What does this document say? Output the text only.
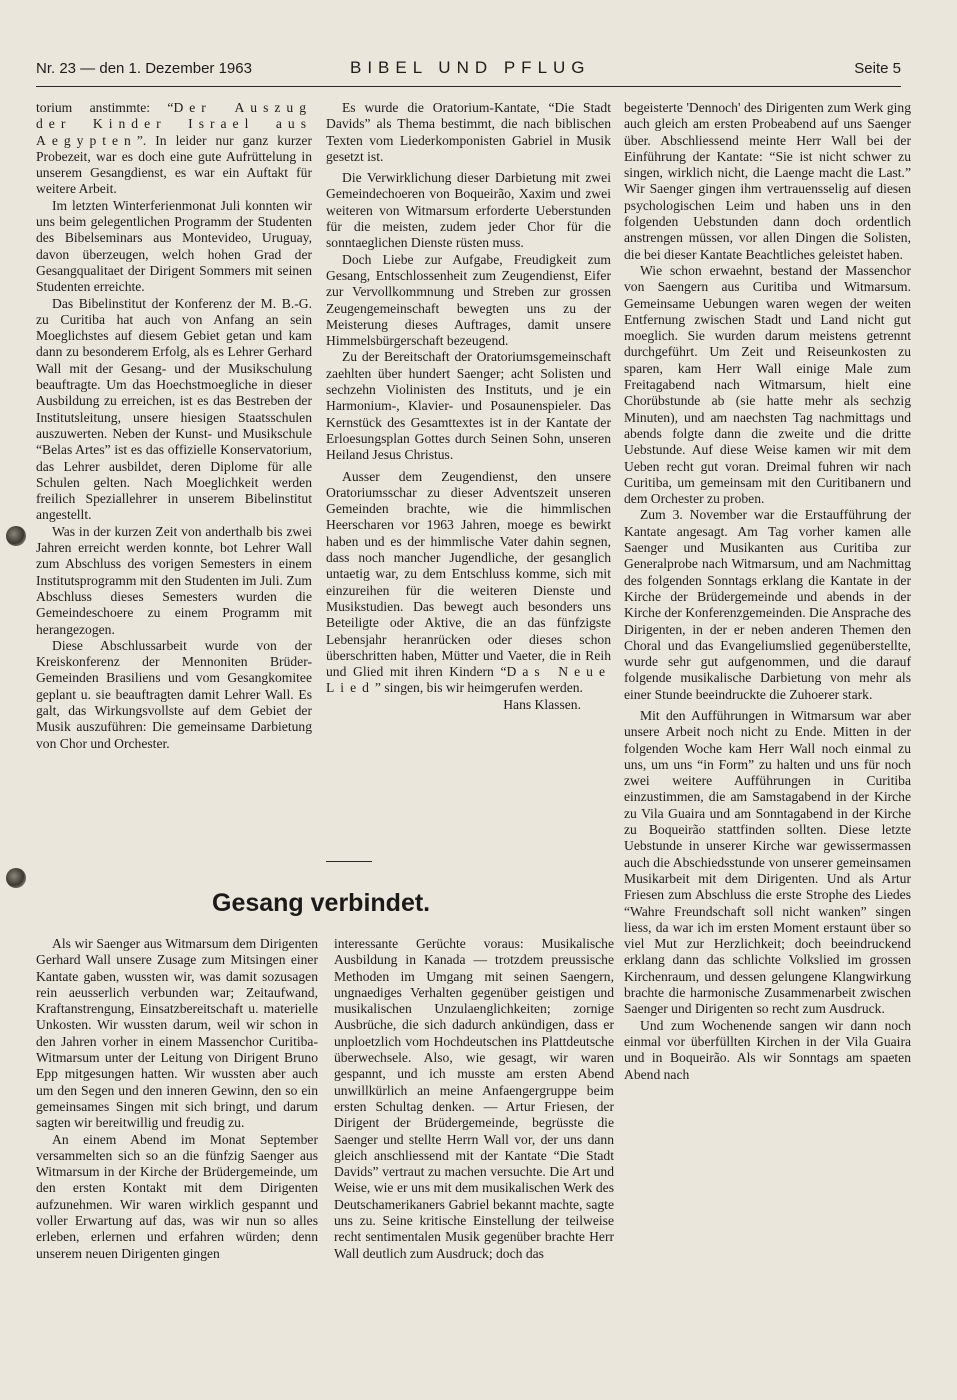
Nr. 23 — den 1. Dezember 1963	BIBEL UND PFLUG	Seite 5

torium anstimmte: “Der Auszug der Kinder Israel aus Aegypten”. In leider nur ganz kurzer Probezeit, war es doch eine gute Aufrüttelung in unserem Gesangdienst, es war ein Auftakt für weitere Arbeit.

Im letzten Winterferienmonat Juli konnten wir uns beim gelegentlichen Programm der Studenten des Bibelseminars aus Montevideo, Uruguay, davon überzeugen, welch hohen Grad der Gesangqualitaet der Dirigent Sommers mit seinen Studenten erreichte.

Das Bibelinstitut der Konferenz der M. B.-G. zu Curitiba hat auch von Anfang an sein Moeglichstes auf diesem Gebiet getan und kam dann zu besonderem Erfolg, als es Lehrer Gerhard Wall mit der Gesang- und der Musikschulung beauftragte. Um das Hoechstmoegliche in dieser Ausbildung zu erreichen, ist es das Bestreben der Institutsleitung, unsere hiesigen Staatsschulen auszuwerten. Neben der Kunst- und Musikschule “Belas Artes” ist es das offizielle Konservatorium, das Lehrer ausbildet, deren Diplome für alle Schulen gelten. Nach Moeglichkeit werden freilich Speziallehrer in unserem Bibelinstitut angestellt.

Was in der kurzen Zeit von anderthalb bis zwei Jahren erreicht werden konnte, bot Lehrer Wall zum Abschluss des vorigen Semesters in einem Institutsprogramm mit den Studenten im Juli. Zum Abschluss dieses Semesters wurden die Gemeindeschoere zu einem Programm mit herangezogen.

Diese Abschlussarbeit wurde von der Kreiskonferenz der Mennoniten Brüder-Gemeinden Brasiliens und vom Gesangkomitee geplant u. sie beauftragten damit Lehrer Wall. Es galt, das Wirkungsvollste auf dem Gebiet der Musik auszuführen: Die gemeinsame Darbietung von Chor und Orchester.

Es wurde die Oratorium-Kantate, “Die Stadt Davids” als Thema bestimmt, die nach biblischen Texten vom Liederkomponisten Gabriel in Musik gesetzt ist.

Die Verwirklichung dieser Darbietung mit zwei Gemeindechoeren von Boqueirão, Xaxim und zwei weiteren von Witmarsum erforderte Ueberstunden für die meisten, zudem jeder Chor für die sonntaeglichen Dienste rüsten muss.

Doch Liebe zur Aufgabe, Freudigkeit zum Gesang, Entschlossenheit zum Zeugendienst, Eifer zur Vervollkommnung und Streben zur grossen Zeugengemeinschaft bewegten uns zu der Meisterung dieses Auftrages, damit unsere Himmelsbürgerschaft bezeugend.

Zu der Bereitschaft der Oratoriumsgemeinschaft zaehlten über hundert Saenger; acht Solisten und sechzehn Violinisten des Instituts, und je ein Harmonium-, Klavier- und Posaunenspieler. Das Kernstück des Gesamttextes ist in der Kantate der Erloesungsplan Gottes durch Seinen Sohn, unseren Heiland Jesus Christus.

Ausser dem Zeugendienst, den unsere Oratoriumsschar zu dieser Adventszeit unseren Gemeinden brachte, wie die himmlischen Heerscharen vor 1963 Jahren, moege es bewirkt haben und es der himmlische Vater dahin segnen, dass noch mancher Jugendliche, der gesanglich untaetig war, zu dem Entschluss komme, sich mit einzureihen für die weiteren Dienste und Musikstudien. Das bewegt auch besonders uns Beteiligte oder Aktive, die an das fünfzigste Lebensjahr heranrücken oder dieses schon überschritten haben, Mütter und Vaeter, die in Reih und Glied mit ihren Kindern “Das Neue Lied” singen, bis wir heimgerufen werden.

Hans Klassen.

begeisterte 'Dennoch' des Dirigenten zum Werk ging auch gleich am ersten Probeabend auf uns Saenger über. Abschliessend meinte Herr Wall bei der Einführung der Kantate: “Sie ist nicht schwer zu singen, wirklich nicht, die Laenge macht die Last.” Wir Saenger gingen ihm vertrauensselig auf diesen psychologischen Leim und haben uns in den folgenden Uebstunden dann doch ordentlich anstrengen müssen, vor allen Dingen die Solisten, die bei dieser Kantate Beachtliches geleistet haben.

Wie schon erwaehnt, bestand der Massenchor von Saengern aus Curitiba und Witmarsum. Gemeinsame Uebungen waren wegen der weiten Entfernung zwischen Stadt und Land nicht gut moeglich. Sie wurden darum meistens getrennt durchgeführt. Um Zeit und Reiseunkosten zu sparen, kam Herr Wall einige Male zum Freitagabend nach Witmarsum, hielt eine Chorübstunde ab (sie hatte mehr als sechzig Minuten), und am naechsten Tag nachmittags und abends folgte dann die zweite und die dritte Uebstunde. Auf diese Weise kamen wir mit dem Ueben recht gut voran. Dreimal fuhren wir nach Curitiba, um gemeinsam mit den Curitibanern und dem Orchester zu proben.

Zum 3. November war die Erstaufführung der Kantate angesagt. Am Tag vorher kamen alle Saenger und Musikanten aus Curitiba zur Generalprobe nach Witmarsum, und am Nachmittag des folgenden Sonntags erklang die Kantate in der Kirche der Brüdergemeinde und abends in der Kirche der Konferenzgemeinden. Die Ansprache des Dirigenten, in der er neben anderen Themen den Choral und das Evangeliumslied gegenüberstellte, wurde sehr gut aufgenommen, und die darauf folgende musikalische Darbietung von mehr als einer Stunde beeindruckte die Zuhoerer stark.

Mit den Aufführungen in Witmarsum war aber unsere Arbeit noch nicht zu Ende. Mitten in der folgenden Woche kam Herr Wall noch einmal zu uns, um uns “in Form” zu halten und uns für noch zwei weitere Aufführungen in Curitiba einzustimmen, die am Samstagabend in der Kirche zu Vila Guaira und am Sonntagabend in der Kirche zu Boqueirão stattfinden sollten. Diese letzte Uebstunde in unserer Kirche war gewissermassen auch die Abschiedsstunde von unserer gemeinsamen Musikarbeit mit dem Dirigenten. Und als Artur Friesen zum Abschluss die erste Strophe des Liedes “Wahre Freundschaft soll nicht wanken” singen liess, da war ich im ersten Moment erstaunt über so viel Mut zur Herzlichkeit; doch beeindruckend erklang dann das schlichte Volkslied im grossen Kirchenraum, und dessen gelungene Klangwirkung brachte die harmonische Zusammenarbeit zwischen Saenger und Dirigenten so recht zum Ausdruck.

Und zum Wochenende sangen wir dann noch einmal vor überfüllten Kirchen in der Vila Guaira und in Boqueirão. Als wir Sonntags am spaeten Abend nach

Gesang verbindet.

Als wir Saenger aus Witmarsum dem Dirigenten Gerhard Wall unsere Zusage zum Mitsingen einer Kantate gaben, wussten wir, was damit sozusagen rein aeusserlich verbunden war; Zeitaufwand, Kraftanstrengung, Einsatzbereitschaft u. materielle Unkosten. Wir wussten darum, weil wir schon in den Jahren vorher in einem Massenchor Curitiba-Witmarsum unter der Leitung von Dirigent Bruno Epp mitgesungen hatten. Wir wussten aber auch um den Segen und den inneren Gewinn, den so ein gemeinsames Singen mit sich bringt, und darum sagten wir bereitwillig und freudig zu.

An einem Abend im Monat September versammelten sich so an die fünfzig Saenger aus Witmarsum in der Kirche der Brüdergemeinde, um den ersten Kontakt mit dem Dirigenten aufzunehmen. Wir waren wirklich gespannt und voller Erwartung auf das, was wir nun so alles erleben, erlernen und erfahren würden; denn unserem neuen Dirigenten gingen

interessante Gerüchte voraus: Musikalische Ausbildung in Kanada — trotzdem preussische Methoden im Umgang mit seinen Saengern, ungnaediges Verhalten gegenüber geistigen und musikalischen Unzulaenglichkeiten; zornige Ausbrüche, die sich dadurch ankündigen, dass er unploetzlich vom Hochdeutschen ins Plattdeutsche überwechsele. Also, wie gesagt, wir waren gespannt, und ich musste am ersten Abend unwillkürlich an meine Anfaengergruppe beim ersten Schultag denken. — Artur Friesen, der Dirigent der Brüdergemeinde, begrüsste die Saenger und stellte Herrn Wall vor, der uns dann gleich anschliessend mit der Kantate “Die Stadt Davids” vertraut zu machen versuchte. Die Art und Weise, wie er uns mit dem musikalischen Werk des Deutschamerikaners Gabriel bekannt machte, sagte uns zu. Seine kritische Einstellung der teilweise recht sentimentalen Musik gegenüber brachte Herr Wall deutlich zum Ausdruck; doch das
